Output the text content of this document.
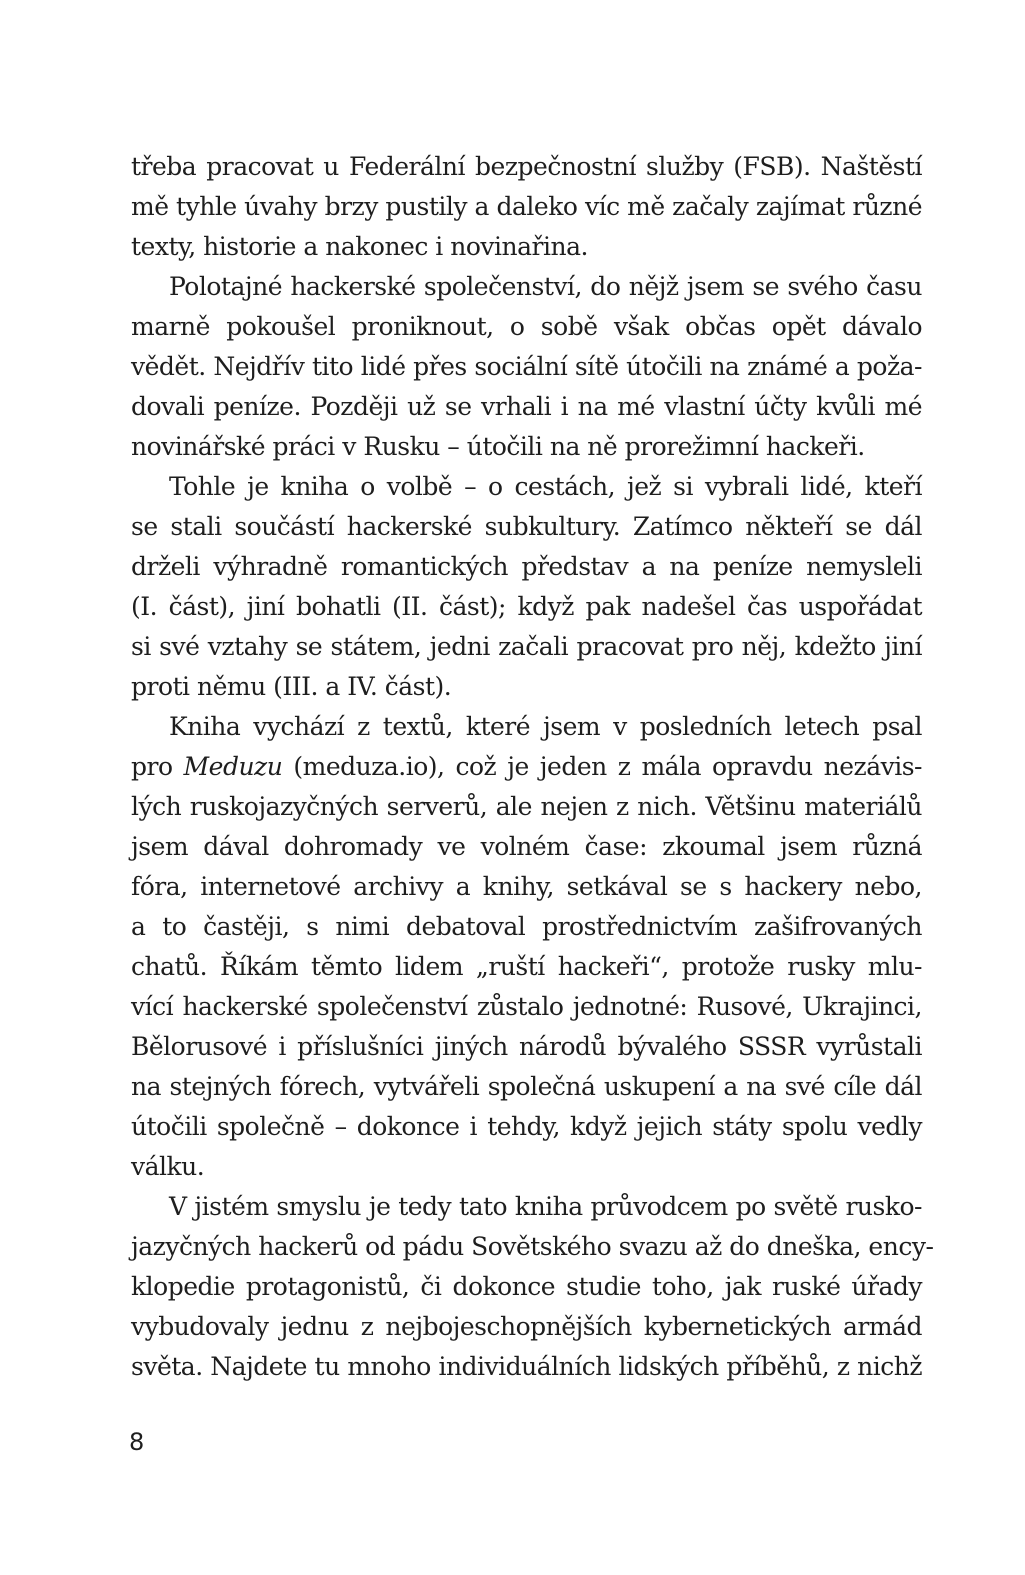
třeba pracovat u Federální bezpečnostní služby (FSB). Naštěstí
mě tyhle úvahy brzy pustily a daleko víc mě začaly zajímat různé
texty, historie a nakonec i novinařina.
Polotajné hackerské společenství, do nějž jsem se svého času
marně pokoušel proniknout, o sobě však občas opět dávalo
vědět. Nejdřív tito lidé přes sociální sítě útočili na známé a poža-
dovali peníze. Později už se vrhali i na mé vlastní účty kvůli mé
novinářské práci v Rusku – útočili na ně prorežimní hackeři.
Tohle je kniha o volbě – o cestách, jež si vybrali lidé, kteří
se stali součástí hackerské subkultury. Zatímco někteří se dál
drželi výhradně romantických představ a na peníze nemysleli
(I. část), jiní bohatli (II. část); když pak nadešel čas uspořádat
si své vztahy se státem, jedni začali pracovat pro něj, kdežto jiní
proti němu (III. a IV. část).
Kniha vychází z textů, které jsem v posledních letech psal
pro Meduzu (meduza.io), což je jeden z mála opravdu nezávis-
lých ruskojazyčných serverů, ale nejen z nich. Většinu materiálů
jsem dával dohromady ve volném čase: zkoumal jsem různá
fóra, internetové archivy a knihy, setkával se s hackery nebo,
a to častěji, s nimi debatoval prostřednictvím zašifrovaných
chatů. Říkám těmto lidem „ruští hackeři“, protože rusky mlu-
vící hackerské společenství zůstalo jednotné: Rusové, Ukrajinci,
Bělorusové i příslušníci jiných národů bývalého SSSR vyrůstali
na stejných fórech, vytvářeli společná uskupení a na své cíle dál
útočili společně – dokonce i tehdy, když jejich státy spolu vedly
válku.
V jistém smyslu je tedy tato kniha průvodcem po světě rusko-
jazyčných hackerů od pádu Sovětského svazu až do dneška, ency-
klopedie protagonistů, či dokonce studie toho, jak ruské úřady
vybudovaly jednu z nejbojeschopnějších kybernetických armád
světa. Najdete tu mnoho individuálních lidských příběhů, z nichž
8
